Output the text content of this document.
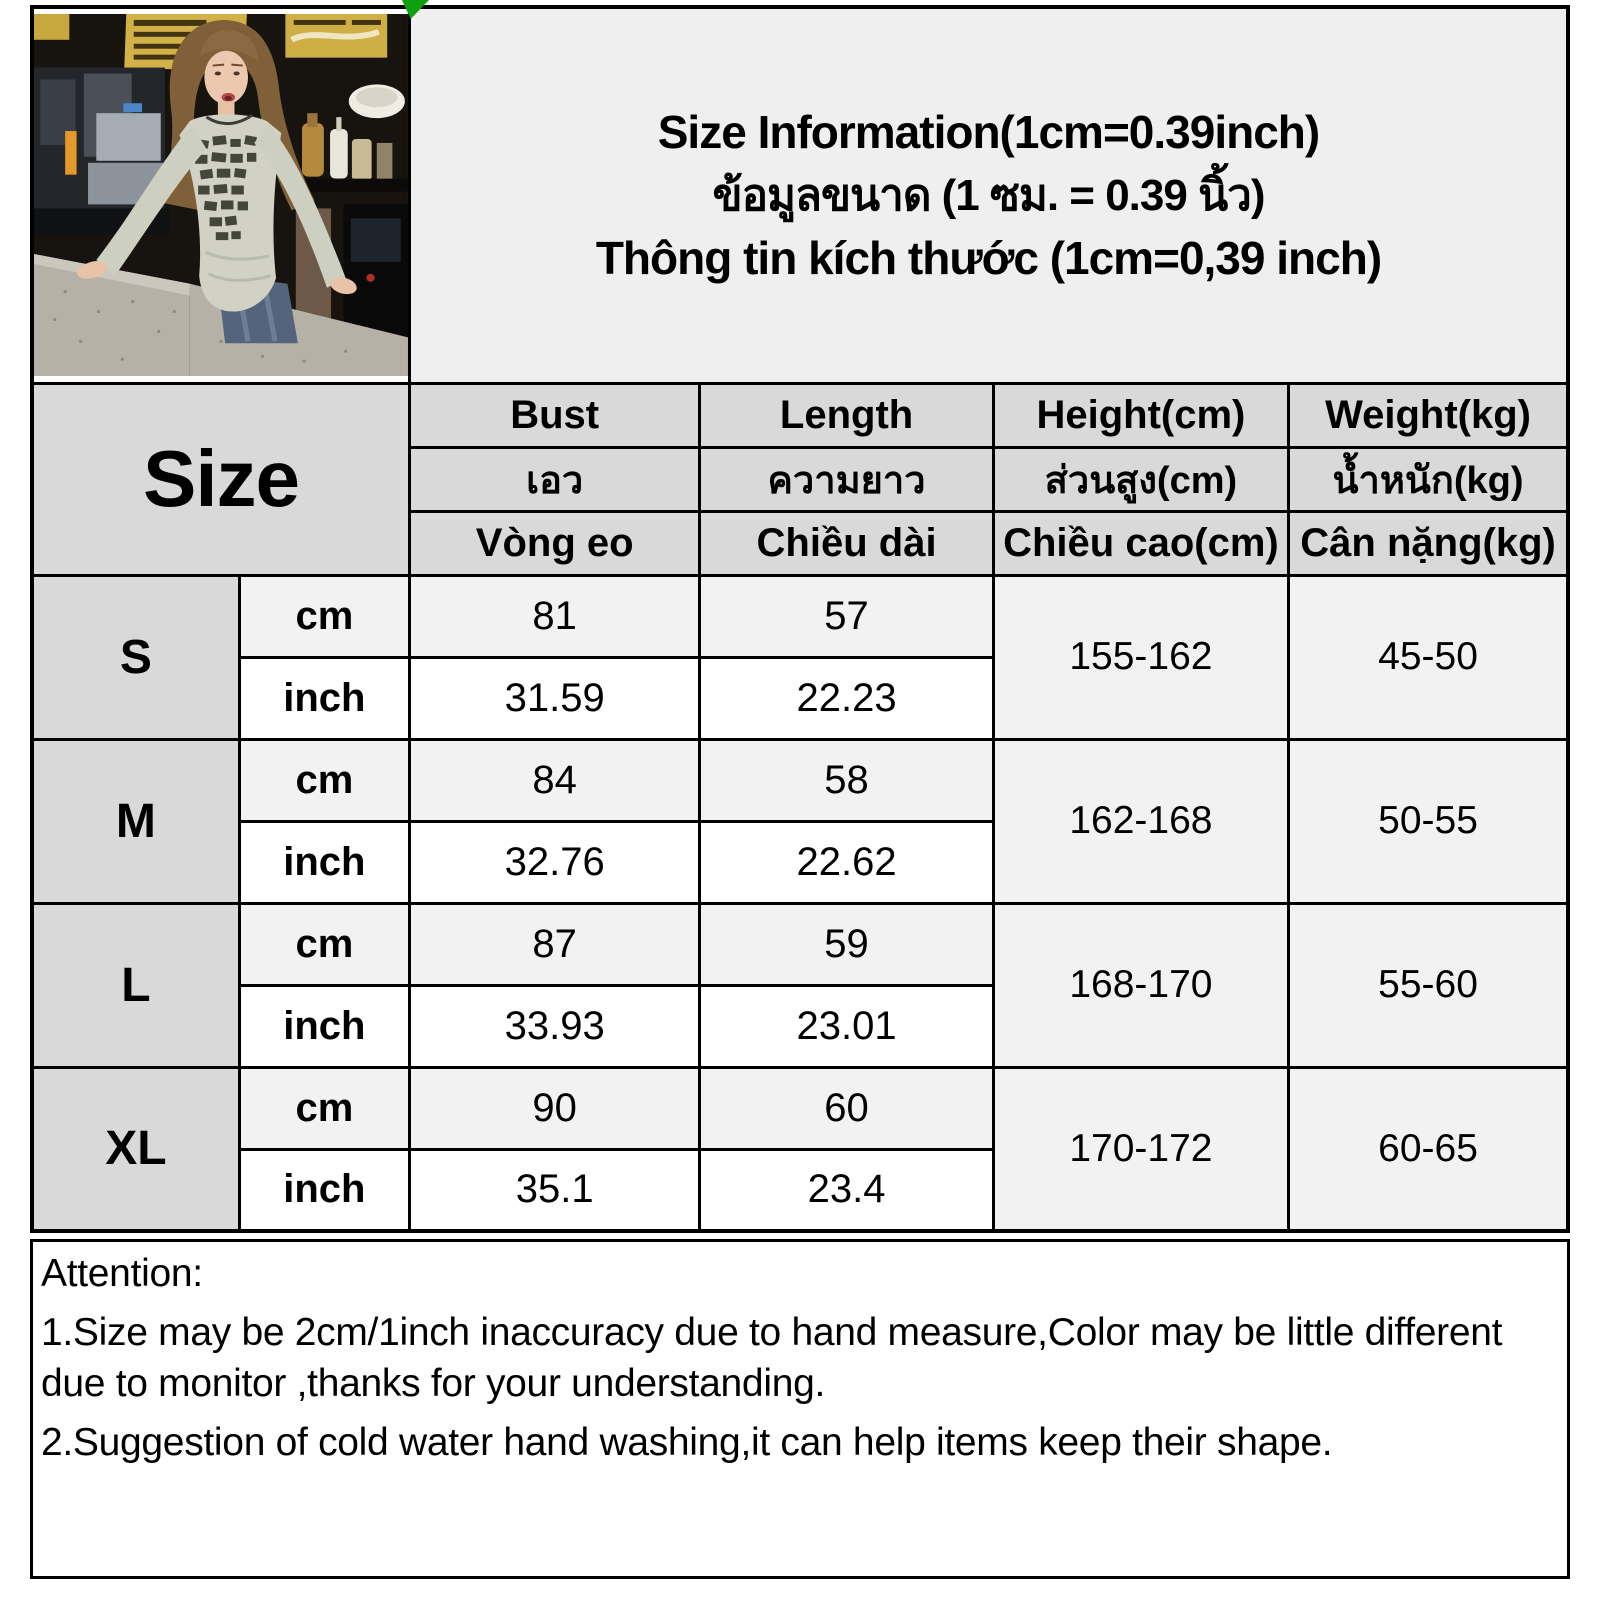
Size Information(1cm=0.39inch)
ข้อมูลขนาด (1 ซม. = 0.39 นิ้ว)
Thông tin kích thước (1cm=0,39 inch)			

Size		Bust	Length	Height(cm)	Weight(kg)
		เอว	ความยาว	ส่วนสูง(cm)	น้ำหนัก(kg)
		Vòng eo	Chiều dài	Chiều cao(cm)	Cân nặng(kg)
S	cm	81	57	155-162	45-50
	inch	31.59	22.23		
M	cm	84	58	162-168	50-55
	inch	32.76	22.62		
L	cm	87	59	168-170	55-60
	inch	33.93	23.01		
XL	cm	90	60	170-172	60-65
	inch	35.1	23.4		
Attention:
1.Size may be 2cm/1inch inaccuracy due to hand measure,Color may be little different due to monitor ,thanks for your understanding.
2.Suggestion of cold water hand washing,it can help items keep their shape.
